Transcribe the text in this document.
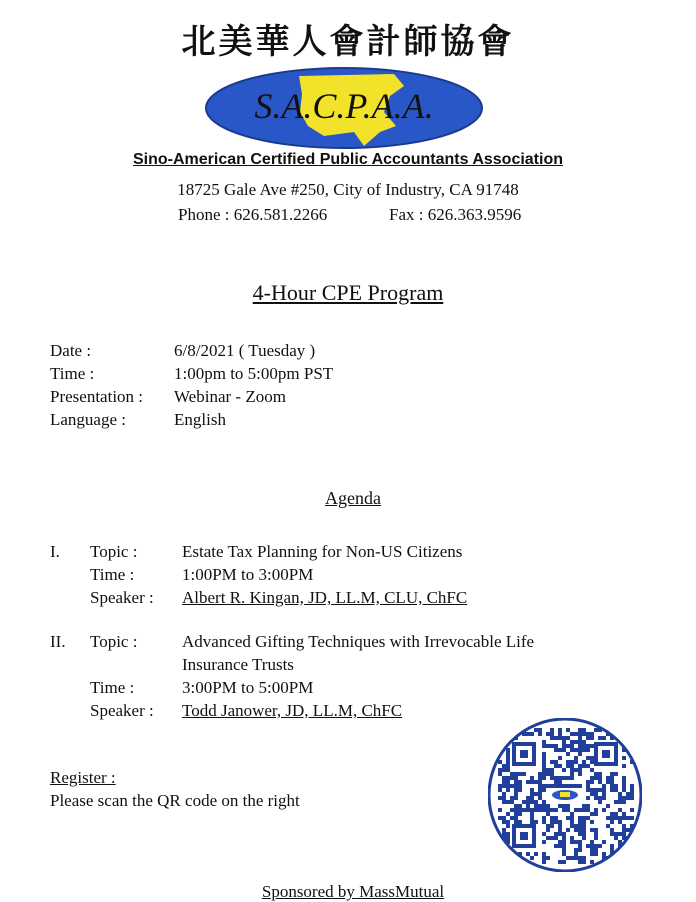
北美華人會計師協會
S.A.C.P.A.A.
Sino-American Certified Public Accountants Association
18725 Gale Ave #250, City of Industry, CA 91748
Phone : 626.581.2266	Fax : 626.363.9596
4-Hour CPE Program
Date :	6/8/2021 ( Tuesday )
Time :	1:00pm to 5:00pm PST
Presentation : Webinar - Zoom
Language :	English
Agenda
I. Topic :	Estate Tax Planning for Non-US Citizens
Time :	1:00PM to 3:00PM
Speaker : Albert R. Kingan, JD, LL.M, CLU, ChFC
II. Topic :	Advanced Gifting Techniques with Irrevocable Life
Insurance Trusts
Time :	3:00PM to 5:00PM
Speaker : Todd Janower, JD, LL.M, ChFC
Register :
Please scan the QR code on the right
Sponsored by MassMutual
